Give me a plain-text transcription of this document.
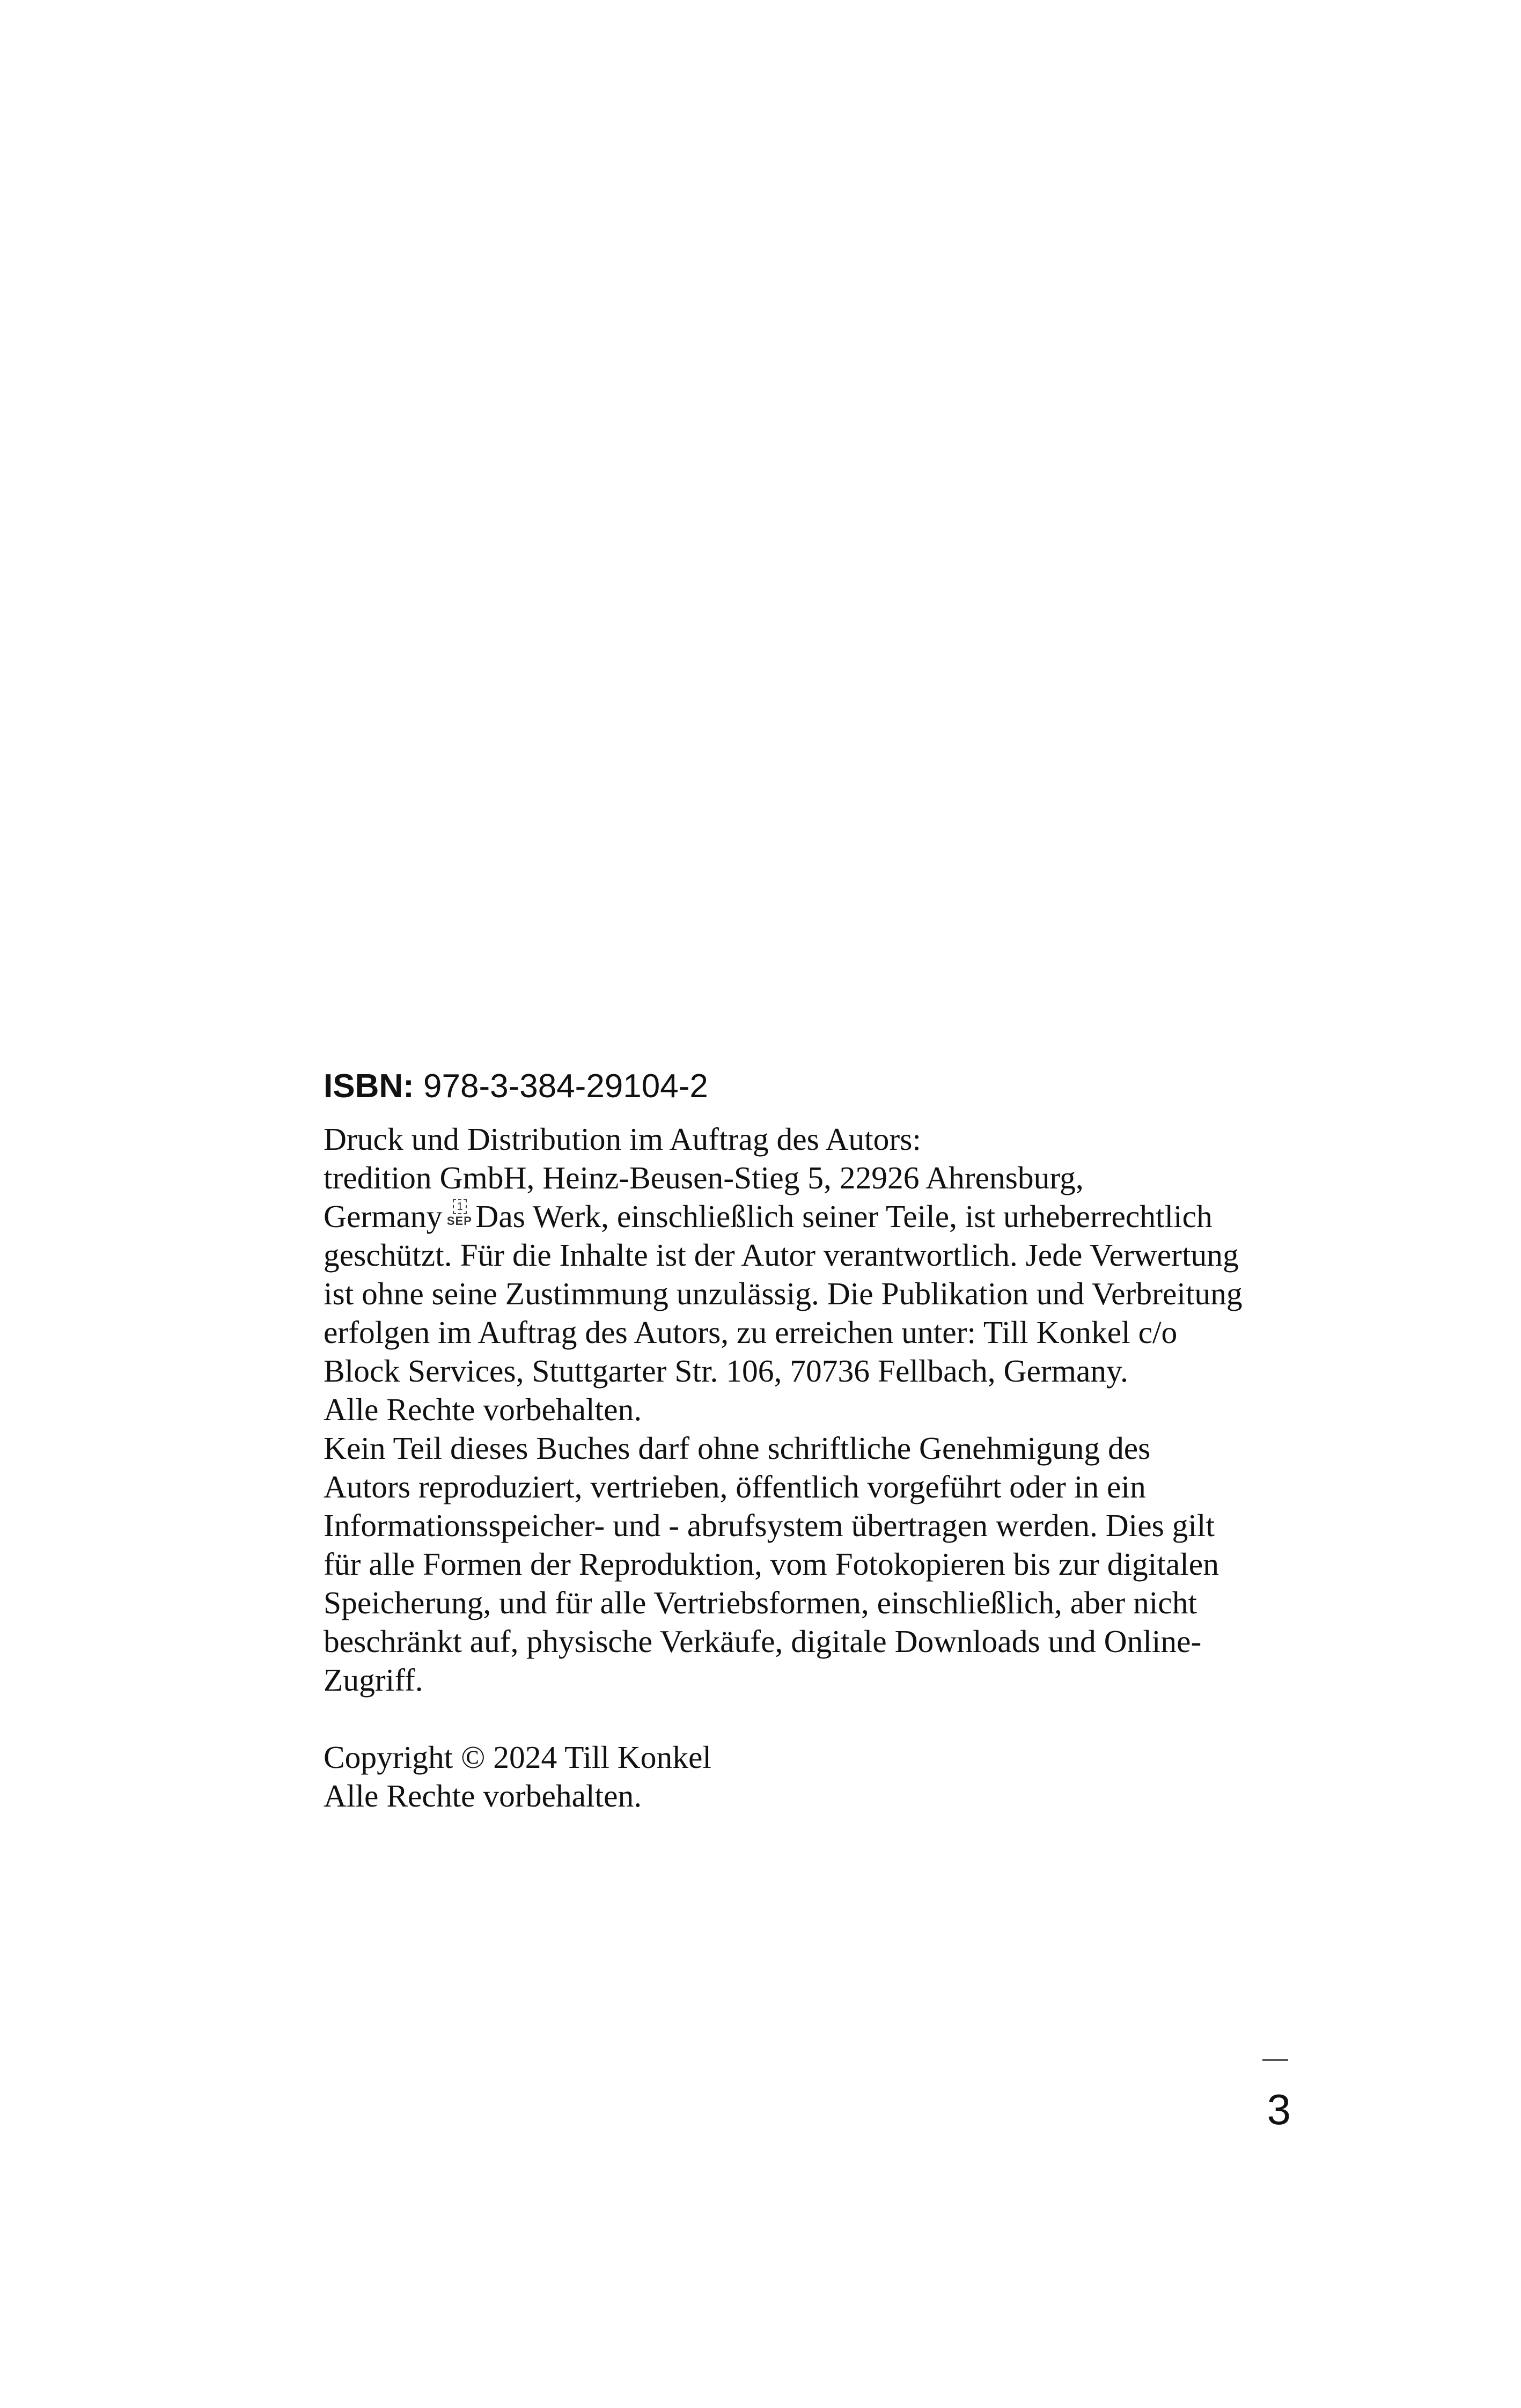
ISBN: 978-3-384-29104-2
Druck und Distribution im Auftrag des Autors:
tredition GmbH, Heinz-Beusen-Stieg 5, 22926 Ahrensburg,
Germany	1
SEP Das Werk, einschließlich seiner Teile, ist urheberrechtlich
geschützt. Für die Inhalte ist der Autor verantwortlich. Jede Verwertung
ist ohne seine Zustimmung unzulässig. Die Publikation und Verbreitung
erfolgen im Auftrag des Autors, zu erreichen unter: Till Konkel c/o
Block Services, Stuttgarter Str. 106, 70736 Fellbach, Germany.
Alle Rechte vorbehalten.
Kein Teil dieses Buches darf ohne schriftliche Genehmigung des
Autors reproduziert, vertrieben, öffentlich vorgeführt oder in ein
Informationsspeicher- und - abrufsystem übertragen werden. Dies gilt
für alle Formen der Reproduktion, vom Fotokopieren bis zur digitalen
Speicherung, und für alle Vertriebsformen, einschließlich, aber nicht
beschränkt auf, physische Verkäufe, digitale Downloads und Online-
Zugriff.
Copyright © 2024 Till Konkel
Alle Rechte vorbehalten.
3
